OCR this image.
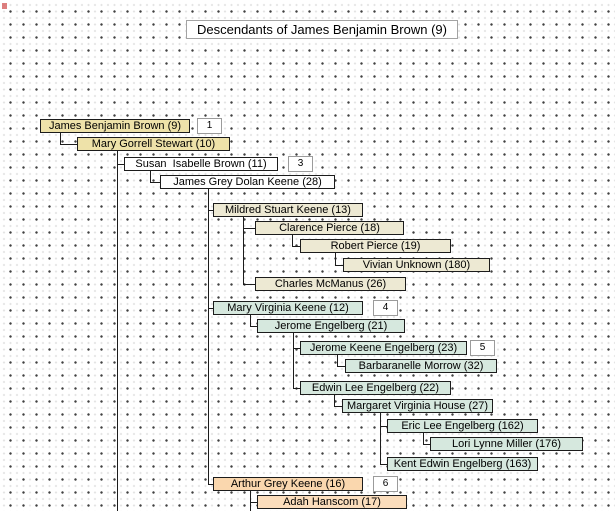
Descendants of James Benjamin Brown (9)
James Benjamin Brown (9)
Mary Gorrell Stewart (10)
Susan  Isabelle Brown (11)
James Grey Dolan Keene (28)
Mildred Stuart Keene (13)
Clarence Pierce (18)
Robert Pierce (19)
Vivian Unknown (180)
Charles McManus (26)
Mary Virginia Keene (12)
Jerome Engelberg (21)
Jerome Keene Engelberg (23)
Barbaranelle Morrow (32)
Edwin Lee Engelberg (22)
Margaret Virginia House (27)
Eric Lee Engelberg (162)
Lori Lynne Miller (176)
Kent Edwin Engelberg (163)
Arthur Grey Keene (16)
Adah Hanscom (17)
1
3
4
5
6
